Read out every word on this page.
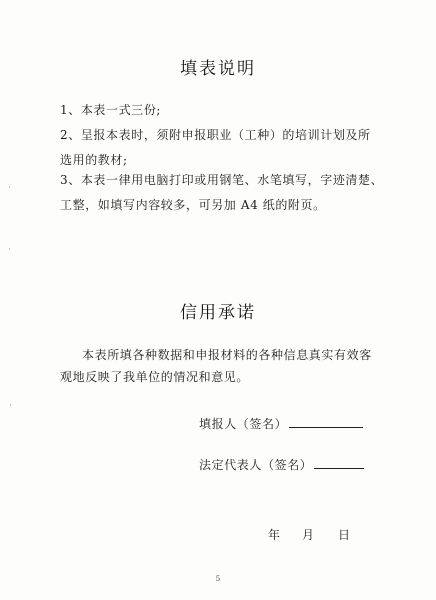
填表说明
1、本表一式三份;
2、呈报本表时，须附申报职业（工种）的培训计划及所
选用的教材;
3、本表一律用电脑打印或用钢笔、水笔填写，字迹清楚、
工整，如填写内容较多，可另加 A4 纸的附页。
信用承诺
本表所填各种数据和申报材料的各种信息真实有效客
观地反映了我单位的情况和意见。
填报人（签名）
法定代表人（签名）
年 月 日
5
